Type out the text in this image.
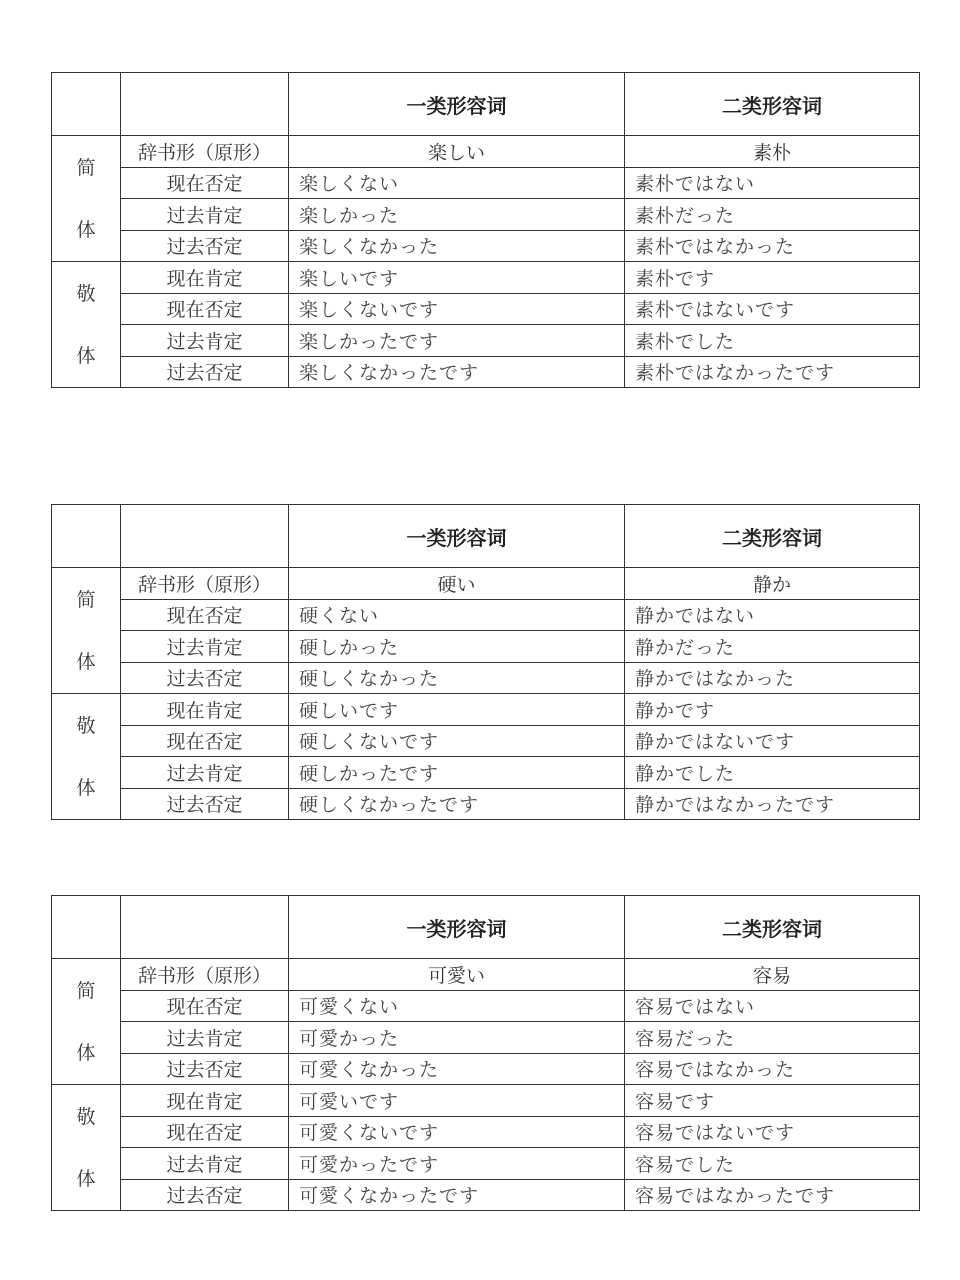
		一类形容词	二类形容词

简
体	辞书形（原形）	楽しい	素朴
	现在否定	楽しくない	素朴ではない
	过去肯定	楽しかった	素朴だった
	过去否定	楽しくなかった	素朴ではなかった

敬
体	现在肯定	楽しいです	素朴です
	现在否定	楽しくないです	素朴ではないです
	过去肯定	楽しかったです	素朴でした
	过去否定	楽しくなかったです	素朴ではなかったです
		一类形容词	二类形容词

简
体	辞书形（原形）	硬い	静か
	现在否定	硬くない	静かではない
	过去肯定	硬しかった	静かだった
	过去否定	硬しくなかった	静かではなかった

敬
体	现在肯定	硬しいです	静かです
	现在否定	硬しくないです	静かではないです
	过去肯定	硬しかったです	静かでした
	过去否定	硬しくなかったです	静かではなかったです
		一类形容词	二类形容词

简
体	辞书形（原形）	可愛い	容易
	现在否定	可愛くない	容易ではない
	过去肯定	可愛かった	容易だった
	过去否定	可愛くなかった	容易ではなかった

敬
体	现在肯定	可愛いです	容易です
	现在否定	可愛くないです	容易ではないです
	过去肯定	可愛かったです	容易でした
	过去否定	可愛くなかったです	容易ではなかったです
